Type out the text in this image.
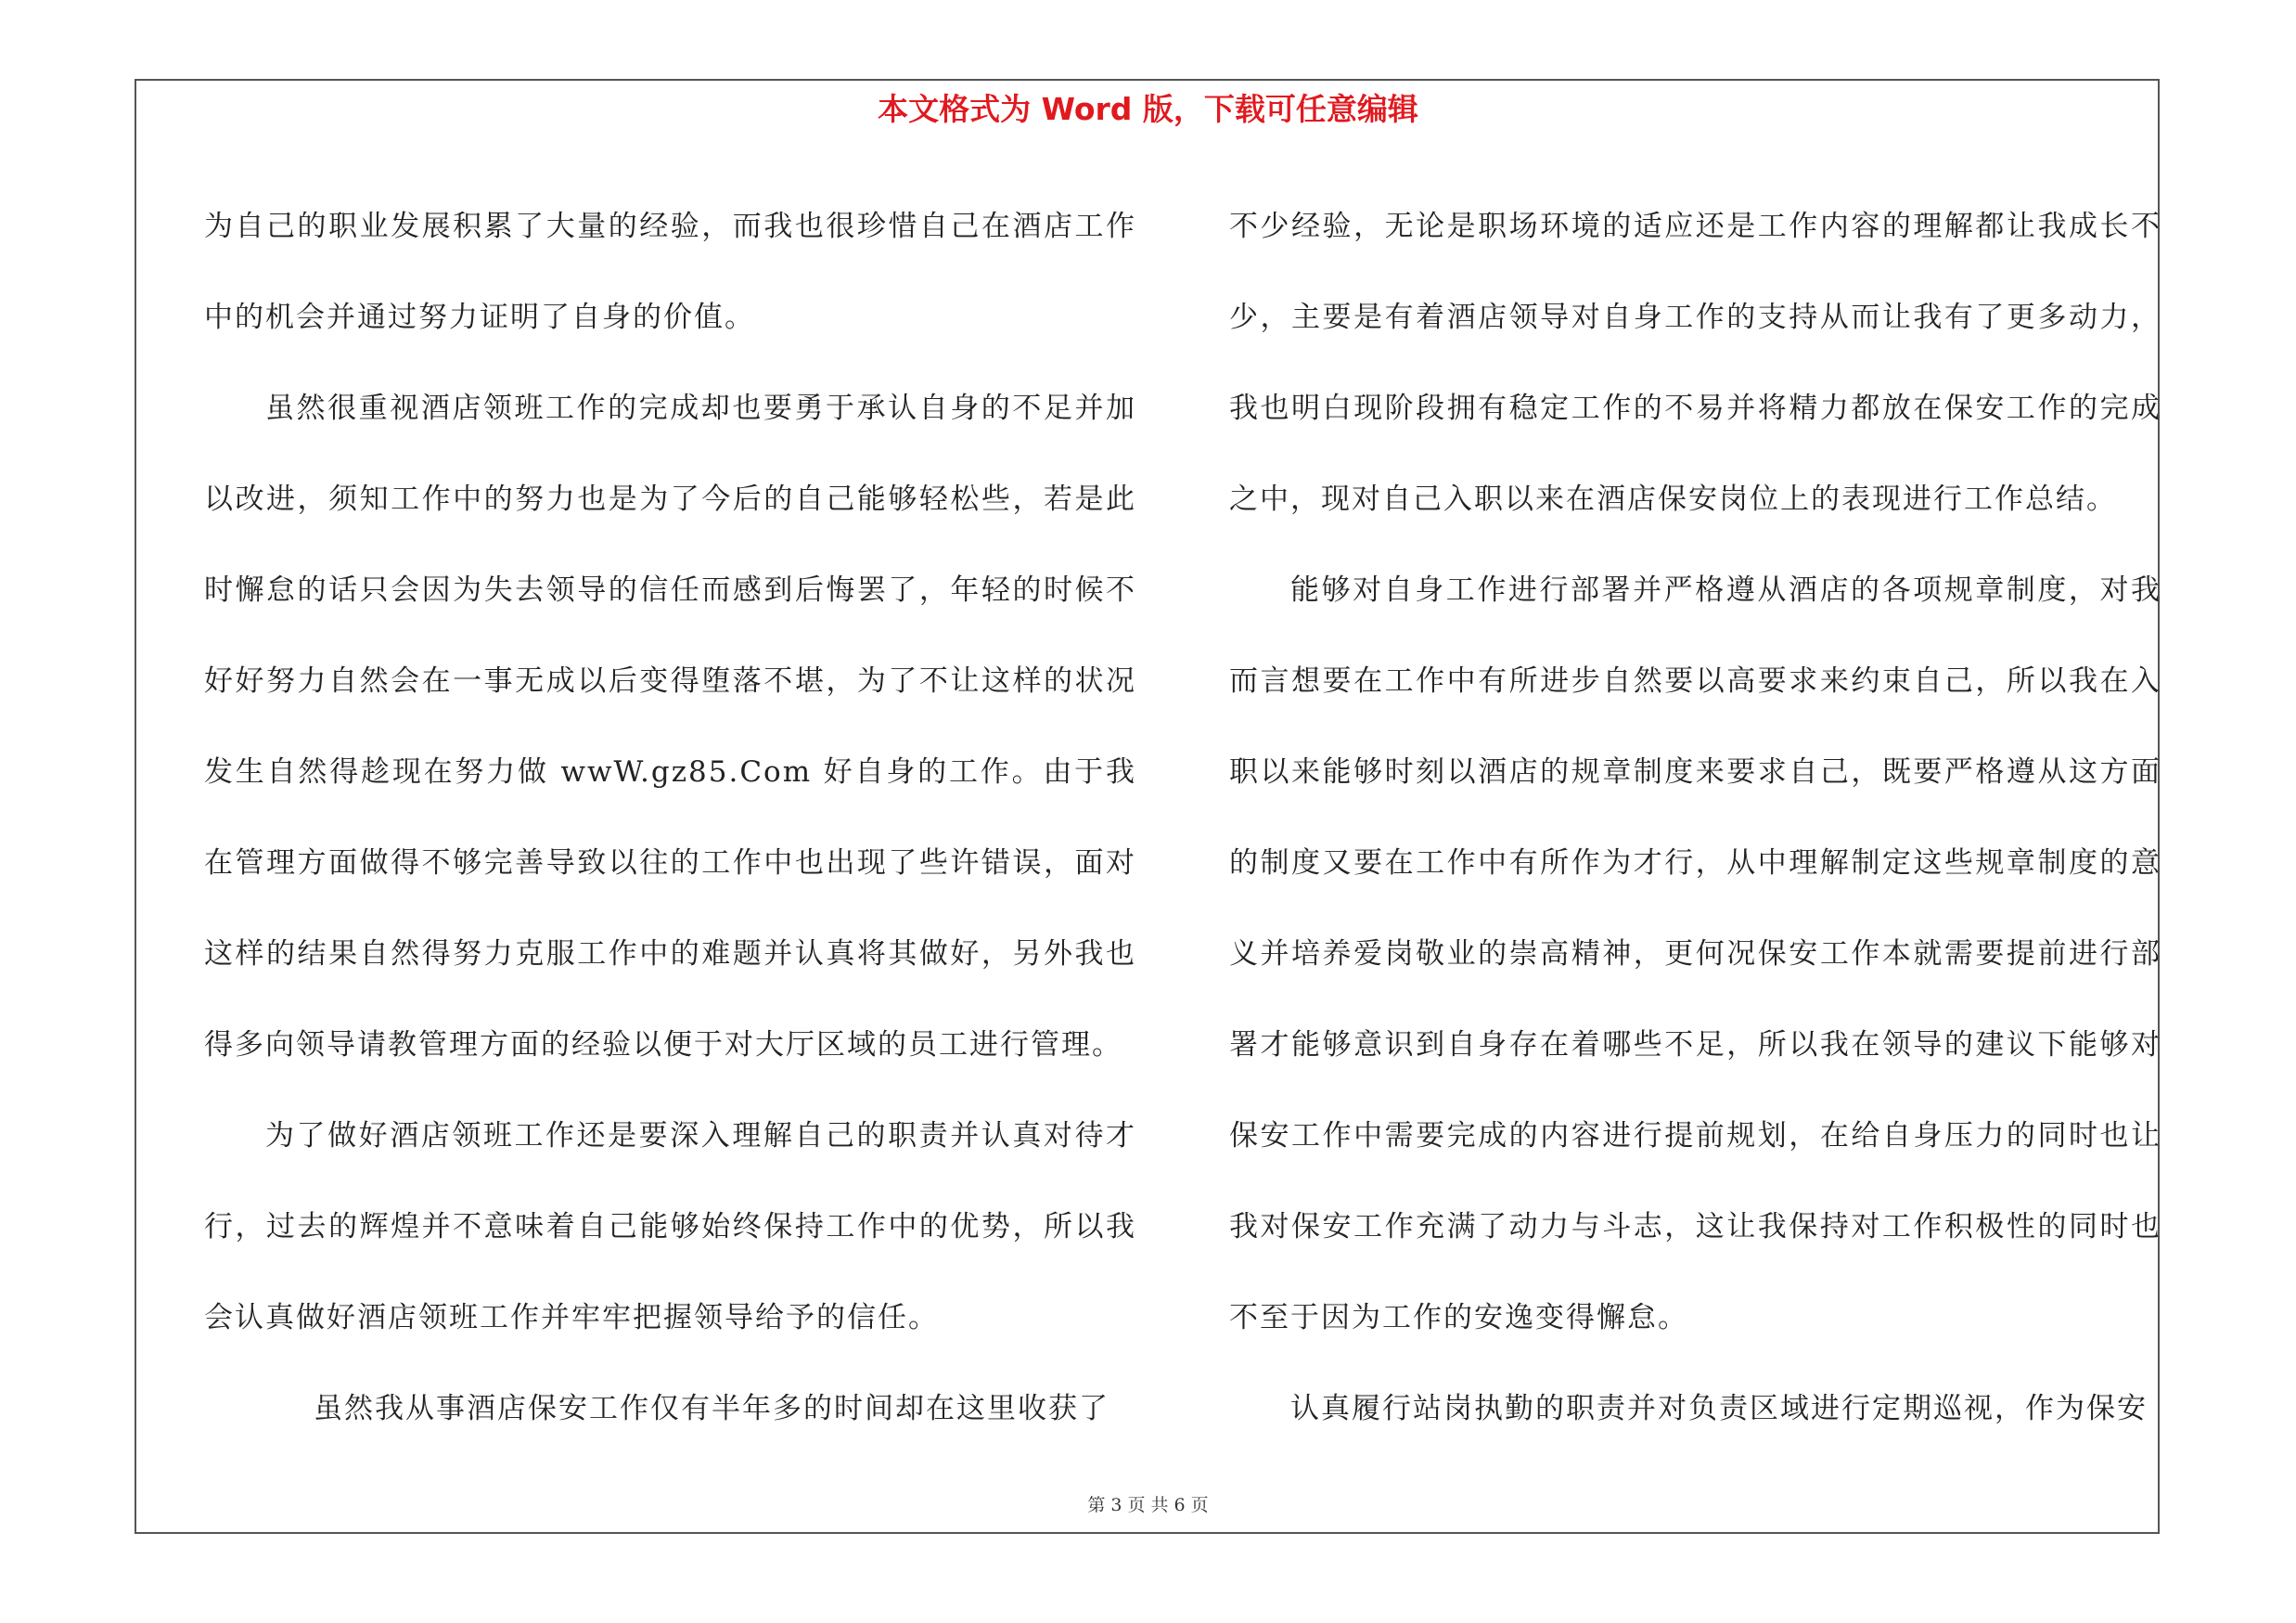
本文格式为 Word 版，下载可任意编辑

为自己的职业发展积累了大量的经验，而我也很珍惜自己在酒店工作中的机会并通过努力证明了自身的价值。

虽然很重视酒店领班工作的完成却也要勇于承认自身的不足并加以改进，须知工作中的努力也是为了今后的自己能够轻松些，若是此时懈怠的话只会因为失去领导的信任而感到后悔罢了，年轻的时候不好好努力自然会在一事无成以后变得堕落不堪，为了不让这样的状况发生自然得趁现在努力做 wwW.gz85.Com 好自身的工作。由于我在管理方面做得不够完善导致以往的工作中也出现了些许错误，面对这样的结果自然得努力克服工作中的难题并认真将其做好，另外我也得多向领导请教管理方面的经验以便于对大厅区域的员工进行管理。

为了做好酒店领班工作还是要深入理解自己的职责并认真对待才行，过去的辉煌并不意味着自己能够始终保持工作中的优势，所以我会认真做好酒店领班工作并牢牢把握领导给予的信任。

虽然我从事酒店保安工作仅有半年多的时间却在这里收获了

不少经验，无论是职场环境的适应还是工作内容的理解都让我成长不少，主要是有着酒店领导对自身工作的支持从而让我有了更多动力，我也明白现阶段拥有稳定工作的不易并将精力都放在保安工作的完成之中，现对自己入职以来在酒店保安岗位上的表现进行工作总结。

能够对自身工作进行部署并严格遵从酒店的各项规章制度，对我而言想要在工作中有所进步自然要以高要求来约束自己，所以我在入职以来能够时刻以酒店的规章制度来要求自己，既要严格遵从这方面的制度又要在工作中有所作为才行，从中理解制定这些规章制度的意义并培养爱岗敬业的崇高精神，更何况保安工作本就需要提前进行部署才能够意识到自身存在着哪些不足，所以我在领导的建议下能够对保安工作中需要完成的内容进行提前规划，在给自身压力的同时也让我对保安工作充满了动力与斗志，这让我保持对工作积极性的同时也不至于因为工作的安逸变得懈怠。

认真履行站岗执勤的职责并对负责区域进行定期巡视，作为保安

第 3 页 共 6 页
